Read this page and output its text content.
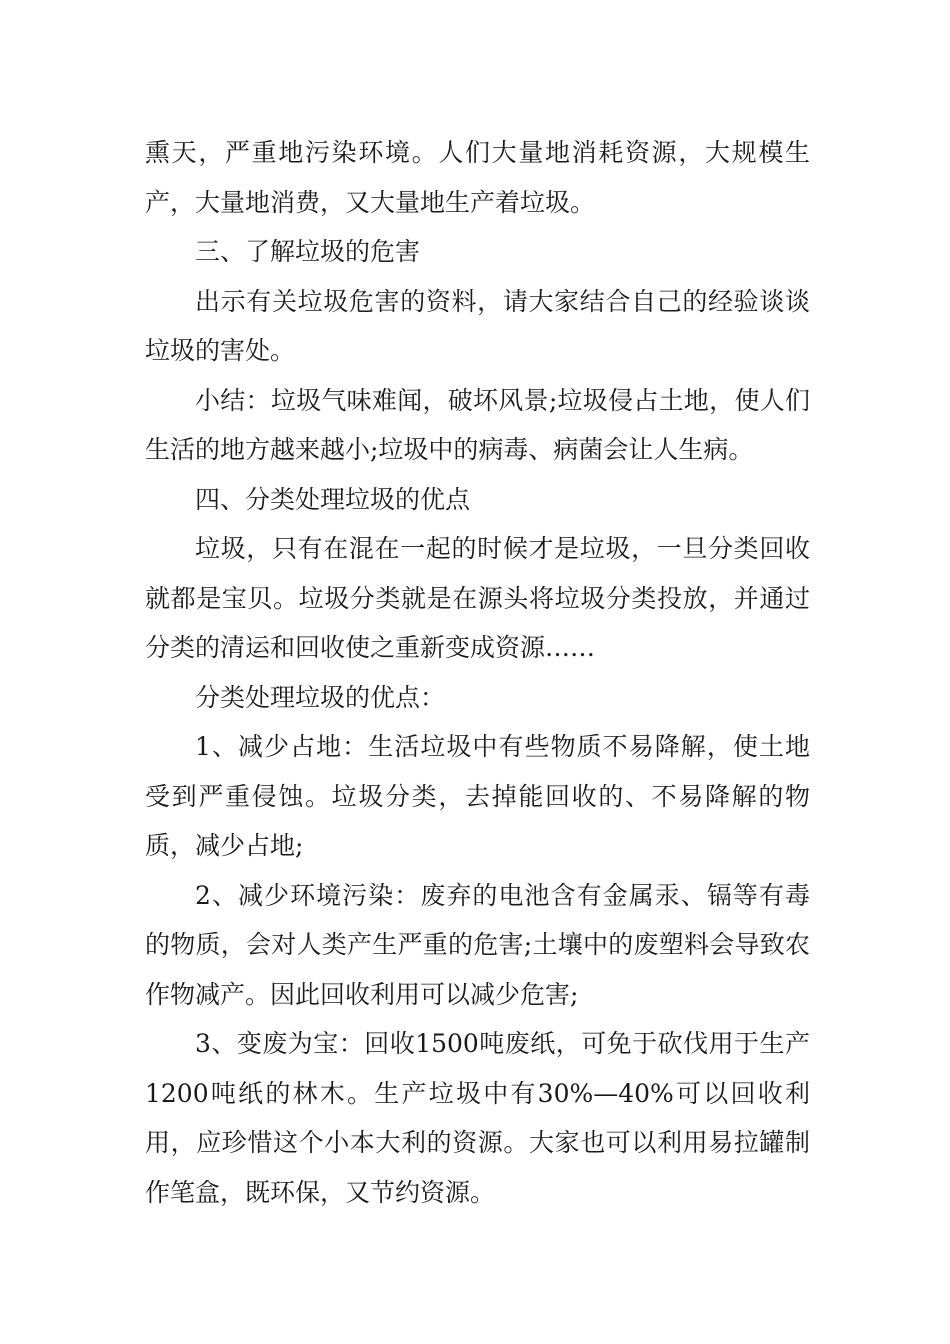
熏天，严重地污染环境。人们大量地消耗资源，大规模生产，大量地消费，又大量地生产着垃圾。

三、了解垃圾的危害

出示有关垃圾危害的资料，请大家结合自己的经验谈谈垃圾的害处。

小结：垃圾气味难闻，破坏风景;垃圾侵占土地，使人们生活的地方越来越小;垃圾中的病毒、病菌会让人生病。

四、分类处理垃圾的优点

垃圾，只有在混在一起的时候才是垃圾，一旦分类回收就都是宝贝。垃圾分类就是在源头将垃圾分类投放，并通过分类的清运和回收使之重新变成资源……

分类处理垃圾的优点：

1、减少占地：生活垃圾中有些物质不易降解，使土地受到严重侵蚀。垃圾分类，去掉能回收的、不易降解的物质，减少占地;

2、减少环境污染：废弃的电池含有金属汞、镉等有毒的物质，会对人类产生严重的危害;土壤中的废塑料会导致农作物减产。因此回收利用可以减少危害;

3、变废为宝：回收1500吨废纸，可免于砍伐用于生产1200吨纸的林木。生产垃圾中有30%—40%可以回收利用，应珍惜这个小本大利的资源。大家也可以利用易拉罐制作笔盒，既环保，又节约资源。
